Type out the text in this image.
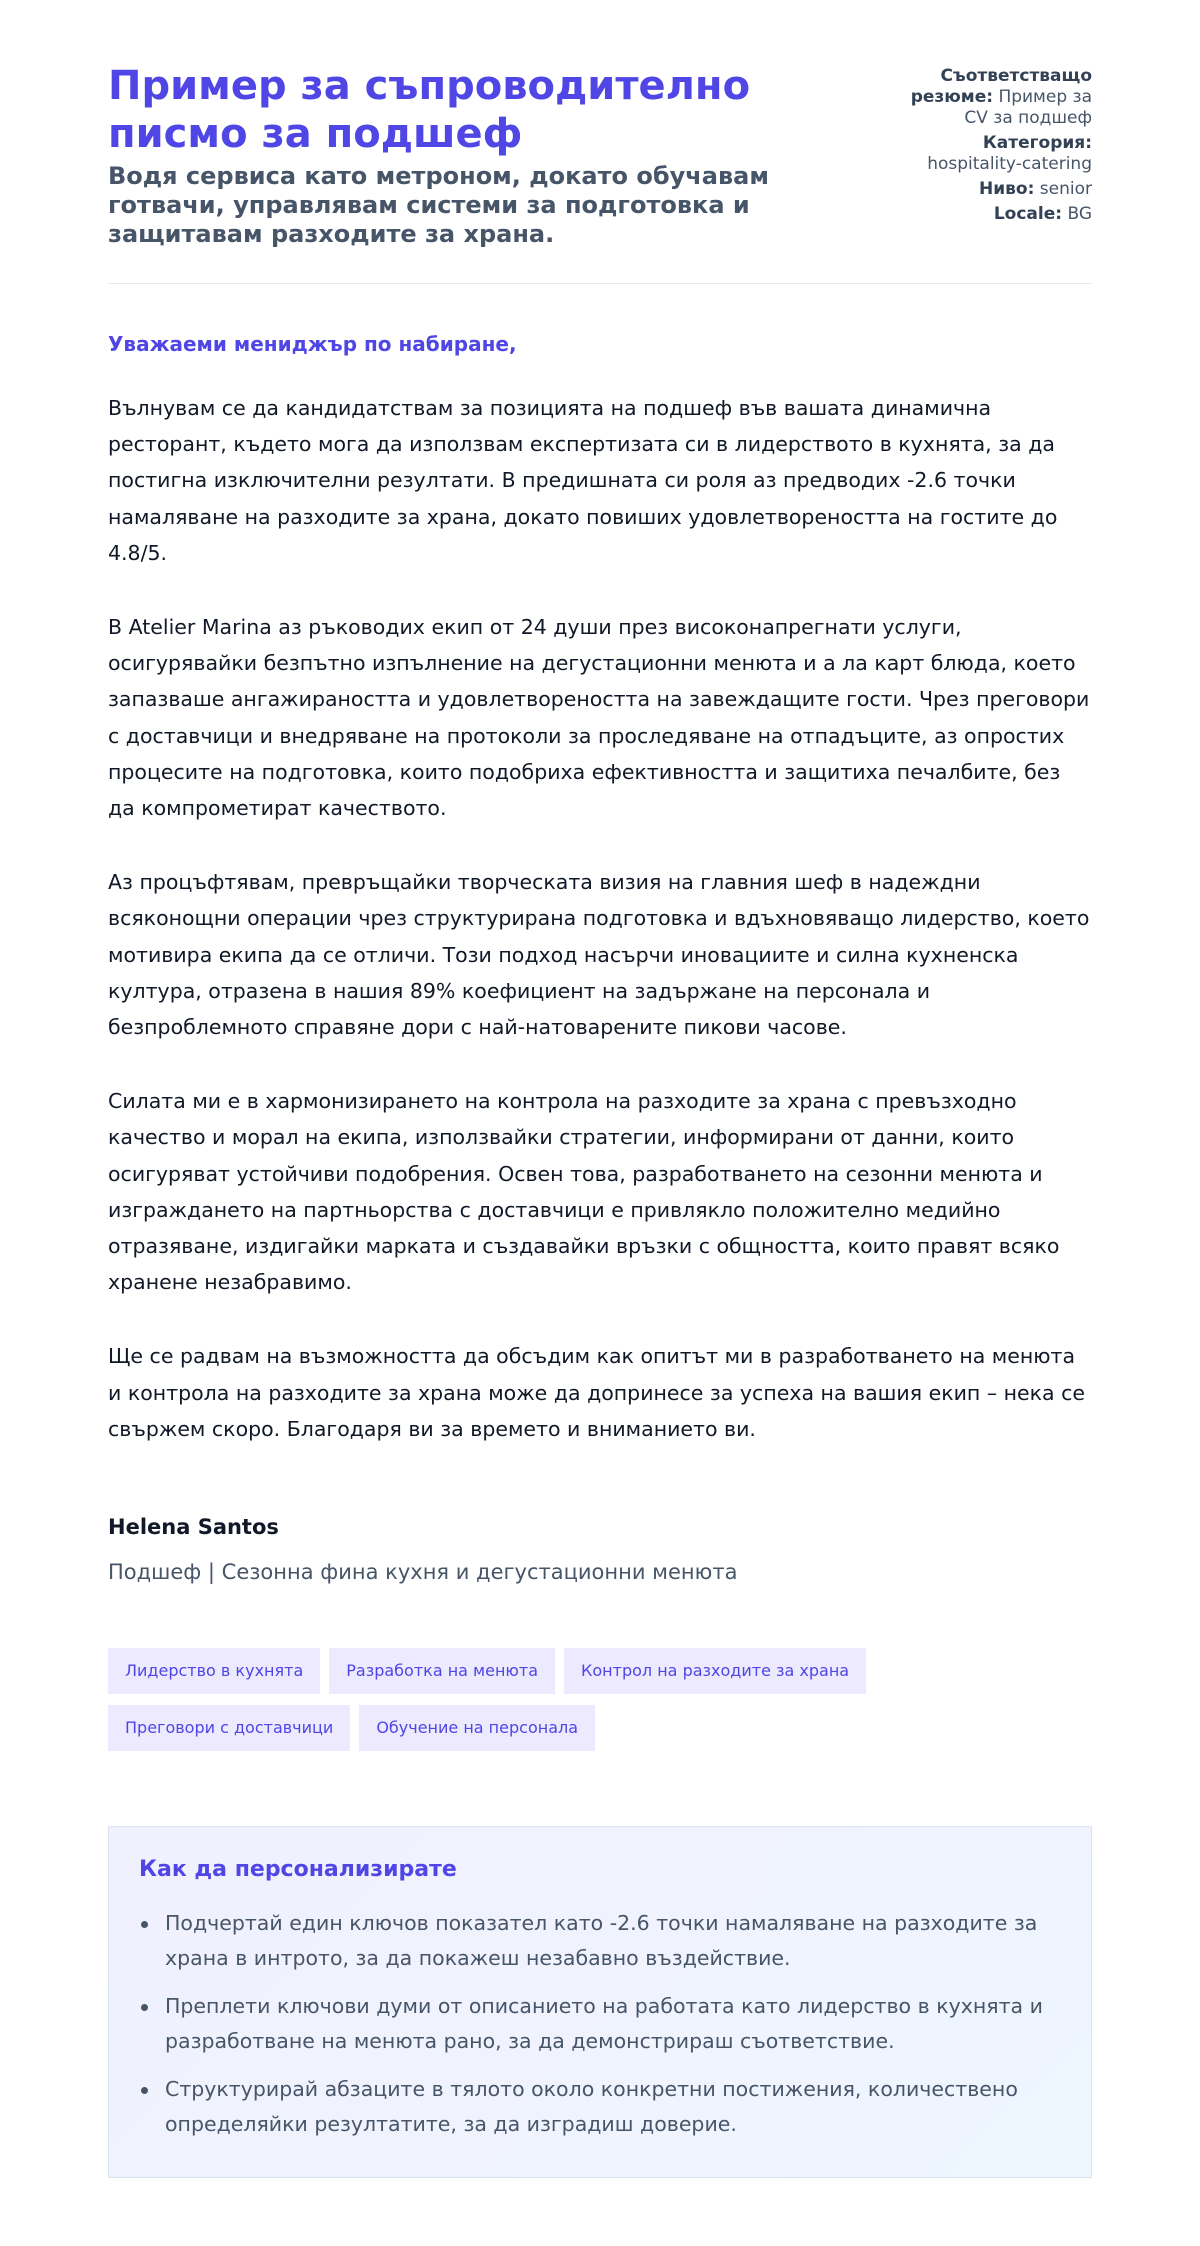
Пример за съпроводително писмо за подшеф
Водя сервиса като метроном, докато обучавам готвачи, управлявам системи за подготовка и защитавам разходите за храна.
Съответстващо резюме: Пример за CV за подшеф
Категория:
hospitality-catering
Ниво: senior
Locale: BG
Уважаеми мениджър по набиране,

Вълнувам се да кандидатствам за позицията на подшеф във вашата динамична ресторант, където мога да използвам експертизата си в лидерството в кухнята, за да постигна изключителни резултати. В предишната си роля аз предводих -2.6 точки намаляване на разходите за храна, докато повиших удовлетвореността на гостите до 4.8/5.

В Atelier Marina аз ръководих екип от 24 души през високонапрегнати услуги, осигурявайки безпътно изпълнение на дегустационни менюта и а ла карт блюда, което запазваше ангажираността и удовлетвореността на завеждащите гости. Чрез преговори с доставчици и внедряване на протоколи за проследяване на отпадъците, аз опростих процесите на подготовка, които подобриха ефективността и защитиха печалбите, без да компрометират качеството.

Аз процъфтявам, превръщайки творческата визия на главния шеф в надеждни всяконощни операции чрез структурирана подготовка и вдъхновяващо лидерство, което мотивира екипа да се отличи. Този подход насърчи иновациите и силна кухненска култура, отразена в нашия 89% коефициент на задържане на персонала и безпроблемното справяне дори с най-натоварените пикови часове.

Силата ми е в хармонизирането на контрола на разходите за храна с превъзходно качество и морал на екипа, използвайки стратегии, информирани от данни, които осигуряват устойчиви подобрения. Освен това, разработването на сезонни менюта и изграждането на партньорства с доставчици е привлякло положително медийно отразяване, издигайки марката и създавайки връзки с общността, които правят всяко хранене незабравимо.

Ще се радвам на възможността да обсъдим как опитът ми в разработването на менюта и контрола на разходите за храна може да допринесе за успеха на вашия екип – нека се свържем скоро. Благодаря ви за времето и вниманието ви.

Helena Santos
Подшеф | Сезонна фина кухня и дегустационни менюта
Лидерство в кухнята	Разработка на менюта	Контрол на разходите за храна
Преговори с доставчици	Обучение на персонала
Как да персонализирате
Подчертай един ключов показател като -2.6 точки намаляване на разходите за храна в интрото, за да покажеш незабавно въздействие.
Преплети ключови думи от описанието на работата като лидерство в кухнята и разработване на менюта рано, за да демонстрираш съответствие.
Структурирай абзаците в тялото около конкретни постижения, количествено определяйки резултатите, за да изградиш доверие.
